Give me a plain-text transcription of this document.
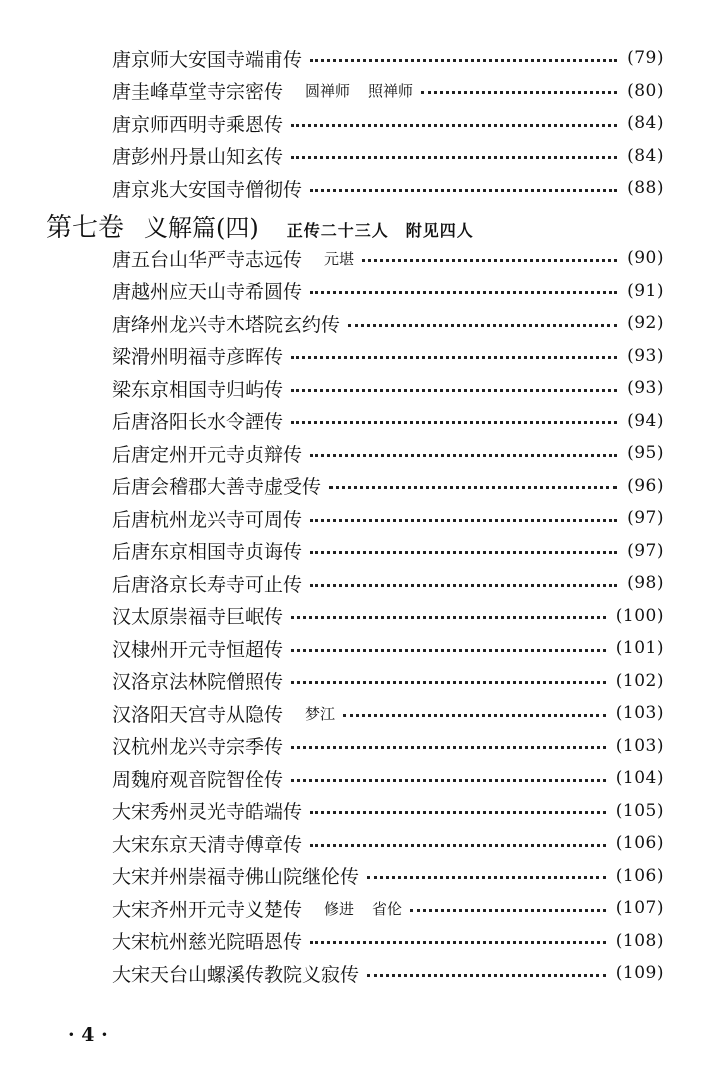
唐京师大安国寺端甫传	(79)
唐圭峰草堂寺宗密传 圆禅师 照禅师	(80)
唐京师西明寺乘恩传	(84)
唐彭州丹景山知玄传	(84)
唐京兆大安国寺僧彻传	(88)
第七卷 义解篇(四) 正传二十三人　附见四人
唐五台山华严寺志远传 元堪	(90)
唐越州应天山寺希圆传	(91)
唐绛州龙兴寺木塔院玄约传	(92)
梁滑州明福寺彦晖传	(93)
梁东京相国寺归屿传	(93)
后唐洛阳长水令諲传	(94)
后唐定州开元寺贞辩传	(95)
后唐会稽郡大善寺虚受传	(96)
后唐杭州龙兴寺可周传	(97)
后唐东京相国寺贞诲传	(97)
后唐洛京长寿寺可止传	(98)
汉太原崇福寺巨岷传	(100)
汉棣州开元寺恒超传	(101)
汉洛京法林院僧照传	(102)
汉洛阳天宫寺从隐传 梦江	(103)
汉杭州龙兴寺宗季传	(103)
周魏府观音院智佺传	(104)
大宋秀州灵光寺皓端传	(105)
大宋东京天清寺傅章传	(106)
大宋并州崇福寺佛山院继伦传	(106)
大宋齐州开元寺义楚传 修进 省伦	(107)
大宋杭州慈光院晤恩传	(108)
大宋天台山螺溪传教院义寂传	(109)
· 4 ·
